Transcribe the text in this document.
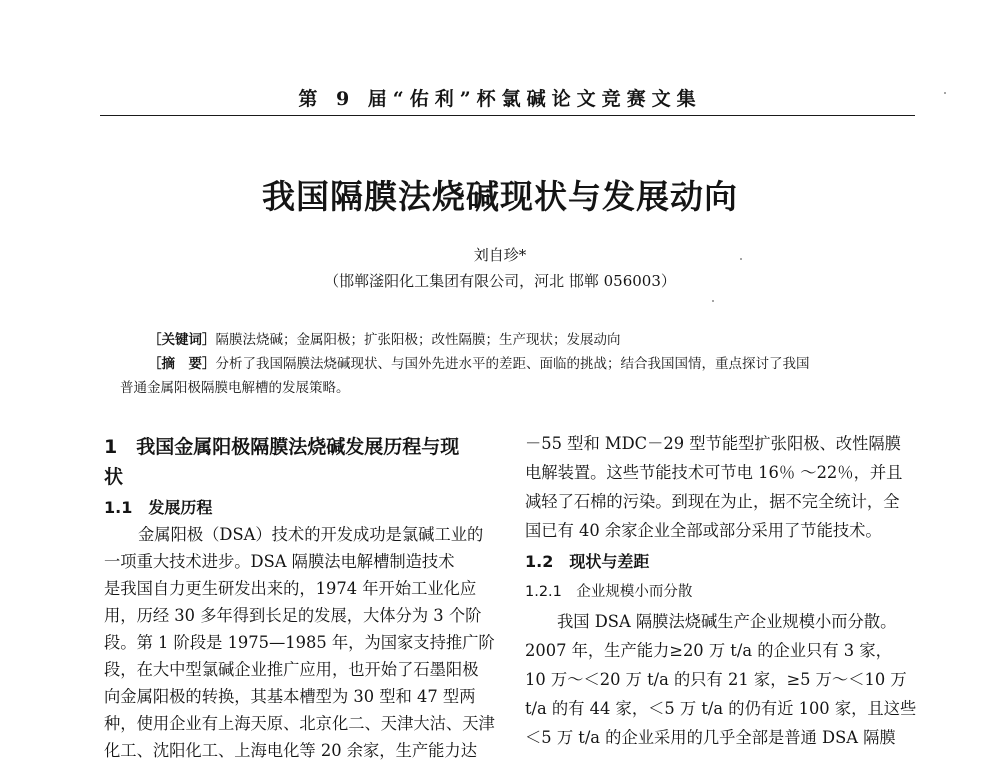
第 9 届“佑利”杯氯碱论文竞赛文集
我国隔膜法烧碱现状与发展动向
刘自珍*
（邯郸滏阳化工集团有限公司，河北 邯郸 056003）
［关键词］隔膜法烧碱；金属阳极；扩张阳极；改性隔膜；生产现状；发展动向
［摘　要］分析了我国隔膜法烧碱现状、与国外先进水平的差距、面临的挑战；结合我国国情，重点探讨了我国
普通金属阳极隔膜电解槽的发展策略。
1　我国金属阳极隔膜法烧碱发展历程与现
状
1.1　发展历程
金属阳极（DSA）技术的开发成功是氯碱工业的
一项重大技术进步。DSA 隔膜法电解槽制造技术
是我国自力更生研发出来的，1974 年开始工业化应
用，历经 30 多年得到长足的发展，大体分为 3 个阶
段。第 1 阶段是 1975—1985 年，为国家支持推广阶
段，在大中型氯碱企业推广应用，也开始了石墨阳极
向金属阳极的转换，其基本槽型为 30 型和 47 型两
种，使用企业有上海天原、北京化二、天津大沽、天津
化工、沈阳化工、上海电化等 20 余家，生产能力达
－55 型和 MDC－29 型节能型扩张阳极、改性隔膜
电解装置。这些节能技术可节电 16％ ～22％，并且
减轻了石棉的污染。到现在为止，据不完全统计，全
国已有 40 余家企业全部或部分采用了节能技术。
1.2　现状与差距
1.2.1　企业规模小而分散
我国 DSA 隔膜法烧碱生产企业规模小而分散。
2007 年，生产能力≥20 万 t/a 的企业只有 3 家，
10 万～＜20 万 t/a 的只有 21 家，≥5 万～＜10 万
t/a 的有 44 家，＜5 万 t/a 的仍有近 100 家，且这些
＜5 万 t/a 的企业采用的几乎全部是普通 DSA 隔膜
